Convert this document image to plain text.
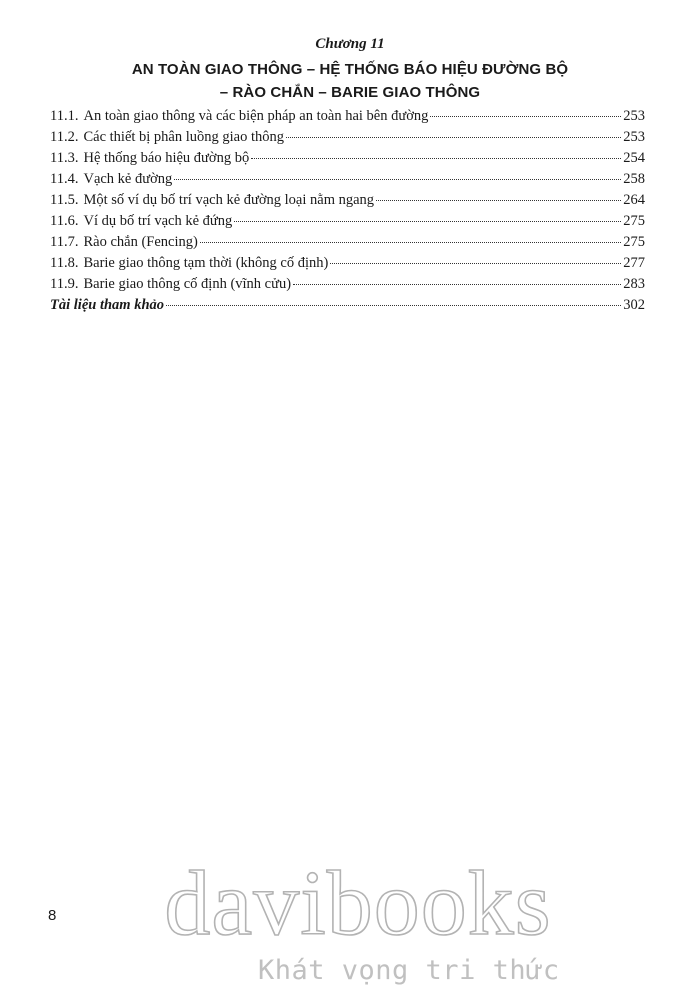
Chương 11
AN TOÀN GIAO THÔNG – HỆ THỐNG BÁO HIỆU ĐƯỜNG BỘ
– RÀO CHẮN – BARIE GIAO THÔNG
11.1. An toàn giao thông và các biện pháp an toàn hai bên đường	253
11.2. Các thiết bị phân luồng giao thông	253
11.3. Hệ thống báo hiệu đường bộ	254
11.4. Vạch kẻ đường	258
11.5. Một số ví dụ bố trí vạch kẻ đường loại nằm ngang	264
11.6. Ví dụ bố trí vạch kẻ đứng	275
11.7. Rào chắn (Fencing)	275
11.8. Barie giao thông tạm thời (không cố định)	277
11.9. Barie giao thông cố định (vĩnh cửu)	283
Tài liệu tham khảo	302
8 davibooks
Khát vọng tri thức
